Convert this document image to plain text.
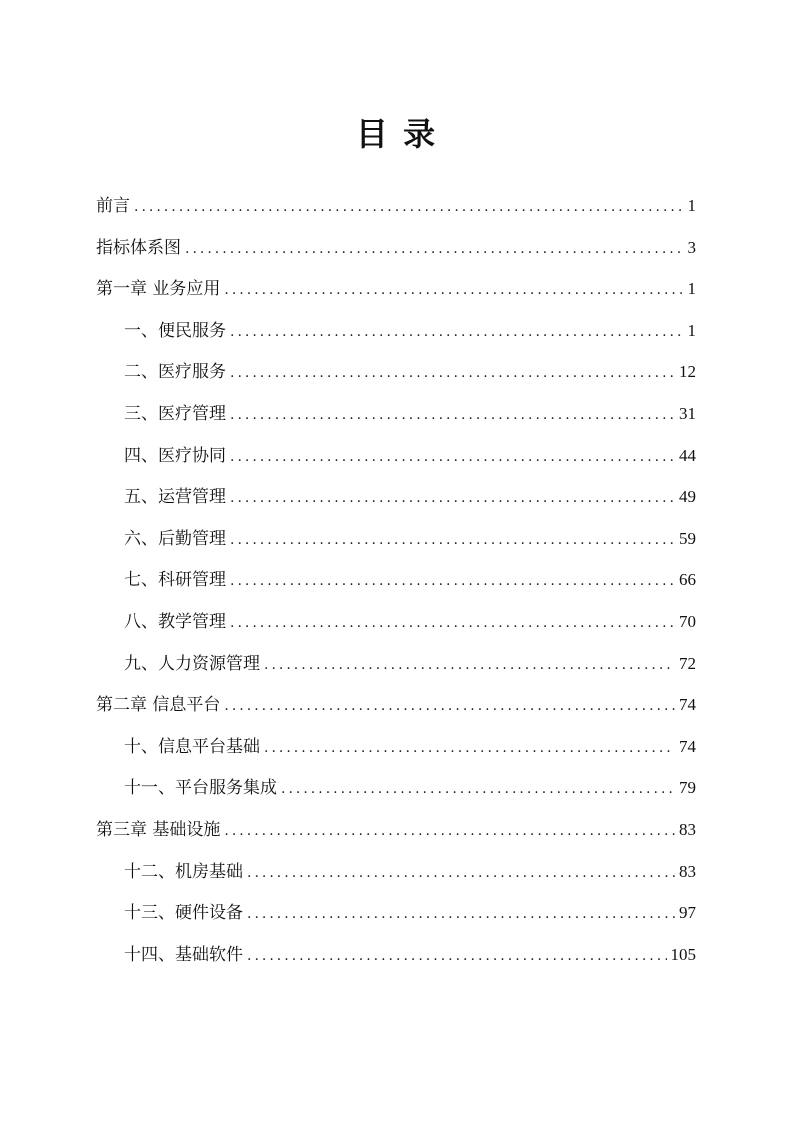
目 录
前言 .....	1
指标体系图 .....	3
第一章 业务应用 .....	1
一、便民服务 .....	1
二、医疗服务 .....	12
三、医疗管理 .....	31
四、医疗协同 .....	44
五、运营管理 .....	49
六、后勤管理 .....	59
七、科研管理 .....	66
八、教学管理 .....	70
九、人力资源管理 .....	72
第二章 信息平台 .....	74
十、信息平台基础 .....	74
十一、平台服务集成 .....	79
第三章 基础设施 .....	83
十二、机房基础 .....	83
十三、硬件设备 .....	97
十四、基础软件 .....	105
